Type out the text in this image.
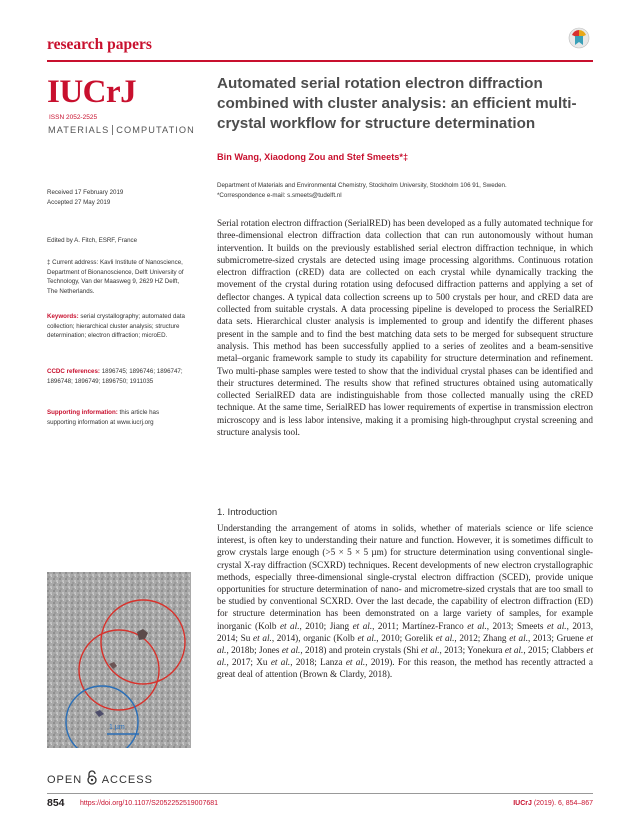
research papers
IUCrJ
ISSN 2052-2525
MATERIALS COMPUTATION
Automated serial rotation electron diffraction combined with cluster analysis: an efficient multi-crystal workflow for structure determination
Bin Wang, Xiaodong Zou and Stef Smeets*‡
Department of Materials and Environmental Chemistry, Stockholm University, Stockholm 106 91, Sweden.
*Correspondence e-mail: s.smeets@tudelft.nl
Received 17 February 2019
Accepted 27 May 2019
Edited by A. Fitch, ESRF, France
‡ Current address: Kavli Institute of Nanoscience, Department of Bionanoscience, Delft University of Technology, Van der Maasweg 9, 2629 HZ Delft, The Netherlands.
Keywords: serial crystallography; automated data collection; hierarchical cluster analysis; structure determination; electron diffraction; microED.
CCDC references: 1896745; 1896746; 1896747; 1896748; 1896749; 1896750; 1911035
Supporting information: this article has supporting information at www.iucrj.org
Serial rotation electron diffraction (SerialRED) has been developed as a fully automated technique for three-dimensional electron diffraction data collection that can run autonomously without human intervention. It builds on the previously established serial electron diffraction technique, in which submicrometre-sized crystals are detected using image processing algorithms. Continuous rotation electron diffraction (cRED) data are collected on each crystal while dynamically tracking the movement of the crystal during rotation using defocused diffraction patterns and applying a set of deflector changes. A typical data collection screens up to 500 crystals per hour, and cRED data are collected from suitable crystals. A data processing pipeline is developed to process the SerialRED data sets. Hierarchical cluster analysis is implemented to group and identify the different phases present in the sample and to find the best matching data sets to be merged for subsequent structure analysis. This method has been successfully applied to a series of zeolites and a beam-sensitive metal–organic framework sample to study its capability for structure determination and refinement. Two multi-phase samples were tested to show that the individual crystal phases can be identified and their structures determined. The results show that refined structures obtained using automatically collected SerialRED data are indistinguishable from those collected manually using the cRED technique. At the same time, SerialRED has lower requirements of expertise in transmission electron microscopy and is less labor intensive, making it a promising high-throughput crystal screening and structure analysis tool.
1. Introduction
Understanding the arrangement of atoms in solids, whether of materials science or life science interest, is often key to understanding their nature and function. However, it is sometimes difficult to grow crystals large enough (>5 × 5 × 5 µm) for structure determination using conventional single-crystal X-ray diffraction (SCXRD) techniques. Recent developments of new electron crystallographic methods, especially three-dimensional single-crystal electron diffraction (SCED), provide unique opportunities for structure determination of nano- and micrometre-sized crystals that are too small to be studied by conventional SCXRD. Over the last decade, the capability of electron diffraction (ED) for structure determination has been demonstrated on a large variety of samples, for example inorganic (Kolb et al., 2010; Jiang et al., 2011; Martínez-Franco et al., 2013; Smeets et al., 2013, 2014; Su et al., 2014), organic (Kolb et al., 2010; Gorelik et al., 2012; Zhang et al., 2013; Gruene et al., 2018b; Jones et al., 2018) and protein crystals (Shi et al., 2013; Yonekura et al., 2015; Clabbers et al., 2017; Xu et al., 2018; Lanza et al., 2019). For this reason, the method has recently attracted a great deal of attention (Brown & Clardy, 2018).
1 µm
OPEN ACCESS
854 https://doi.org/10.1107/S2052252519007681	IUCrJ (2019). 6, 854–867
